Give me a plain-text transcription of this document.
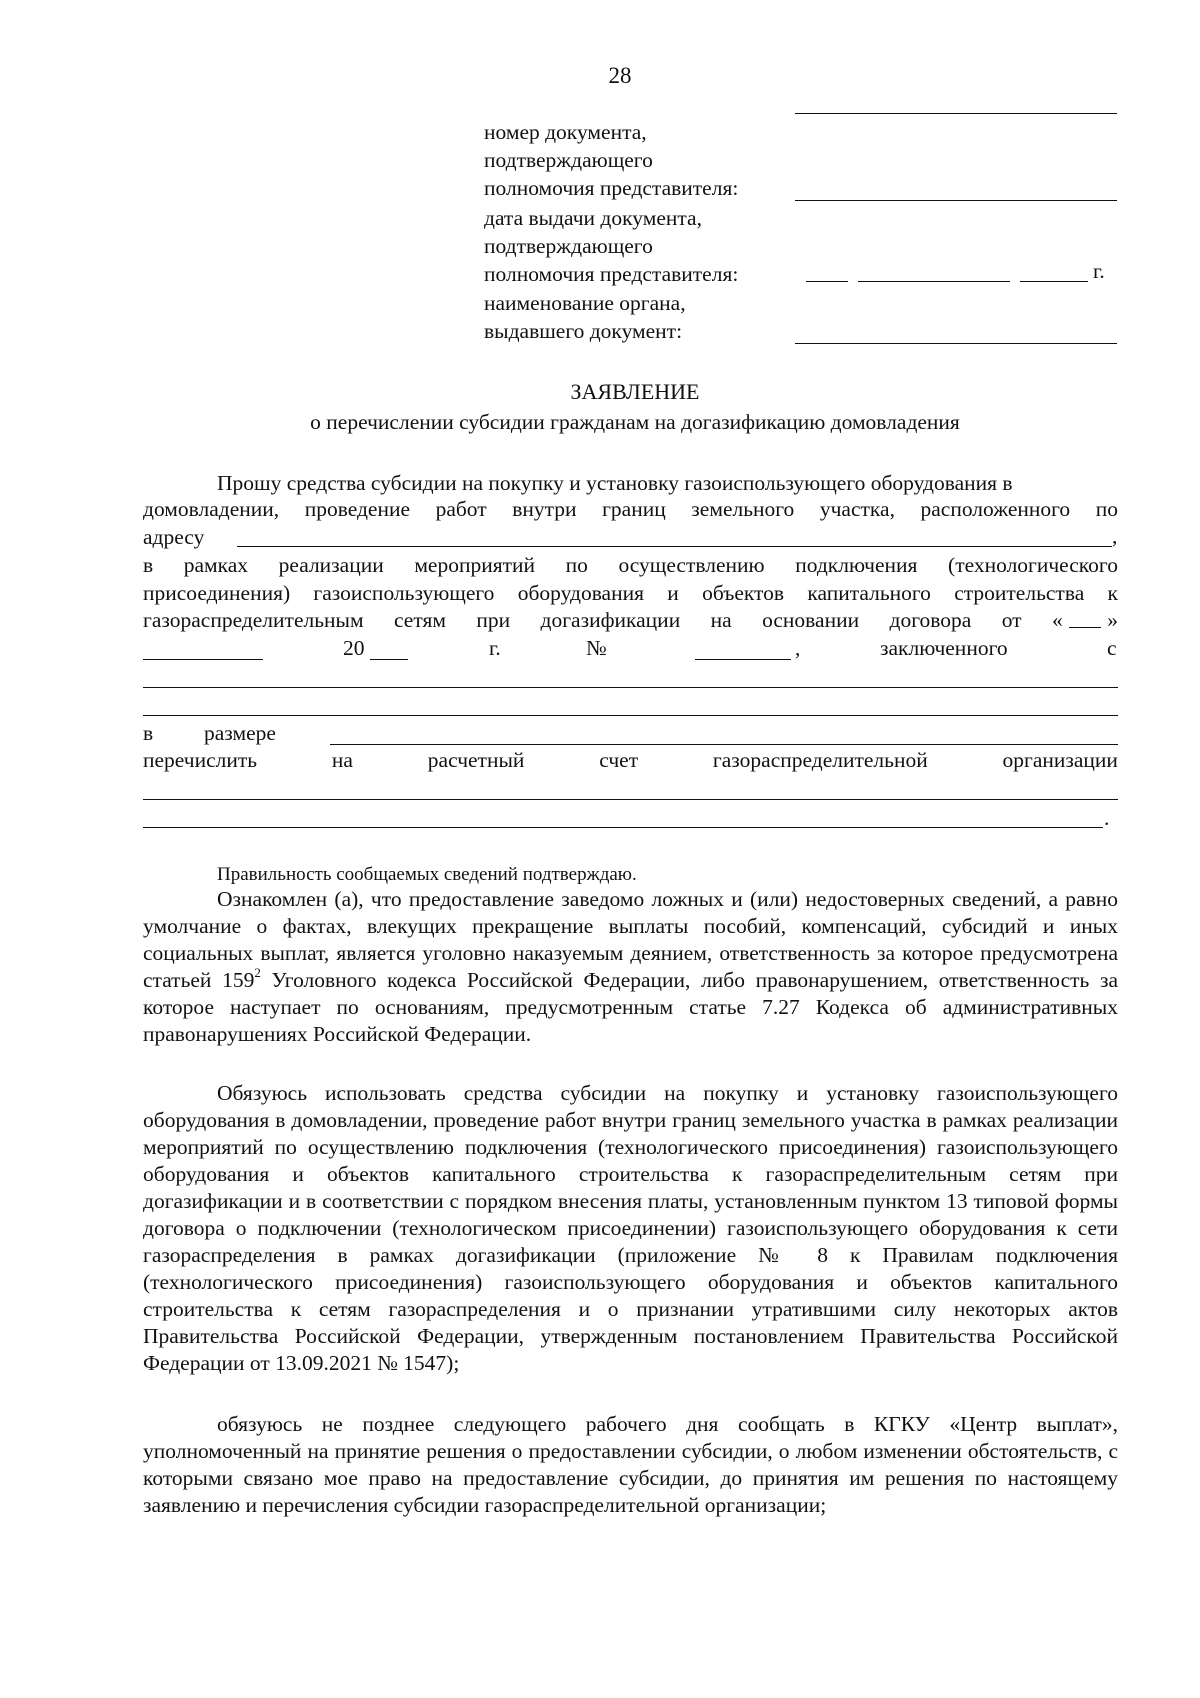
28
номер документа,
подтверждающего
полномочия представителя:
дата выдачи документа,
подтверждающего
полномочия представителя:	г.
наименование органа,
выдавшего документ:
ЗАЯВЛЕНИЕ
о перечислении субсидии гражданам на догазификацию домовладения
Прошу средства субсидии на покупку и установку газоиспользующего оборудования в
домовладении, проведение работ внутри границ земельного участка, расположенного по
адресу	,
в рамках реализации мероприятий по осуществлению подключения (технологического
присоединения) газоиспользующего оборудования и объектов капитального строительства к
газораспределительным сетям при догазификации на основании договора от « »
20	г.	№	,	заключенного	с
в размере
перечислить	на	расчетный	счет	газораспределительной	организации
.
Правильность сообщаемых сведений подтверждаю.
Ознакомлен (а), что предоставление заведомо ложных и (или) недостоверных сведений, а равно умолчание о фактах, влекущих прекращение выплаты пособий, компенсаций, субсидий и иных социальных выплат, является уголовно наказуемым деянием, ответственность за которое предусмотрена статьей $159^2$ Уголовного кодекса Российской Федерации, либо правонарушением, ответственность за которое наступает по основаниям, предусмотренным статье 7.27 Кодекса об административных правонарушениях Российской Федерации.
Обязуюсь использовать средства субсидии на покупку и установку газоиспользующего оборудования в домовладении, проведение работ внутри границ земельного участка в рамках реализации мероприятий по осуществлению подключения (технологического присоединения) газоиспользующего оборудования и объектов капитального строительства к газораспределительным сетям при догазификации и в соответствии с порядком внесения платы, установленным пунктом 13 типовой формы договора о подключении (технологическом присоединении) газоиспользующего оборудования к сети газораспределения в рамках догазификации (приложение № 8 к Правилам подключения (технологического присоединения) газоиспользующего оборудования и объектов капитального строительства к сетям газораспределения и о признании утратившими силу некоторых актов Правительства Российской Федерации, утвержденным постановлением Правительства Российской Федерации от 13.09.2021 № 1547);
обязуюсь не позднее следующего рабочего дня сообщать в КГКУ «Центр выплат», уполномоченный на принятие решения о предоставлении субсидии, о любом изменении обстоятельств, с которыми связано мое право на предоставление субсидии, до принятия им решения по настоящему заявлению и перечисления субсидии газораспределительной организации;
